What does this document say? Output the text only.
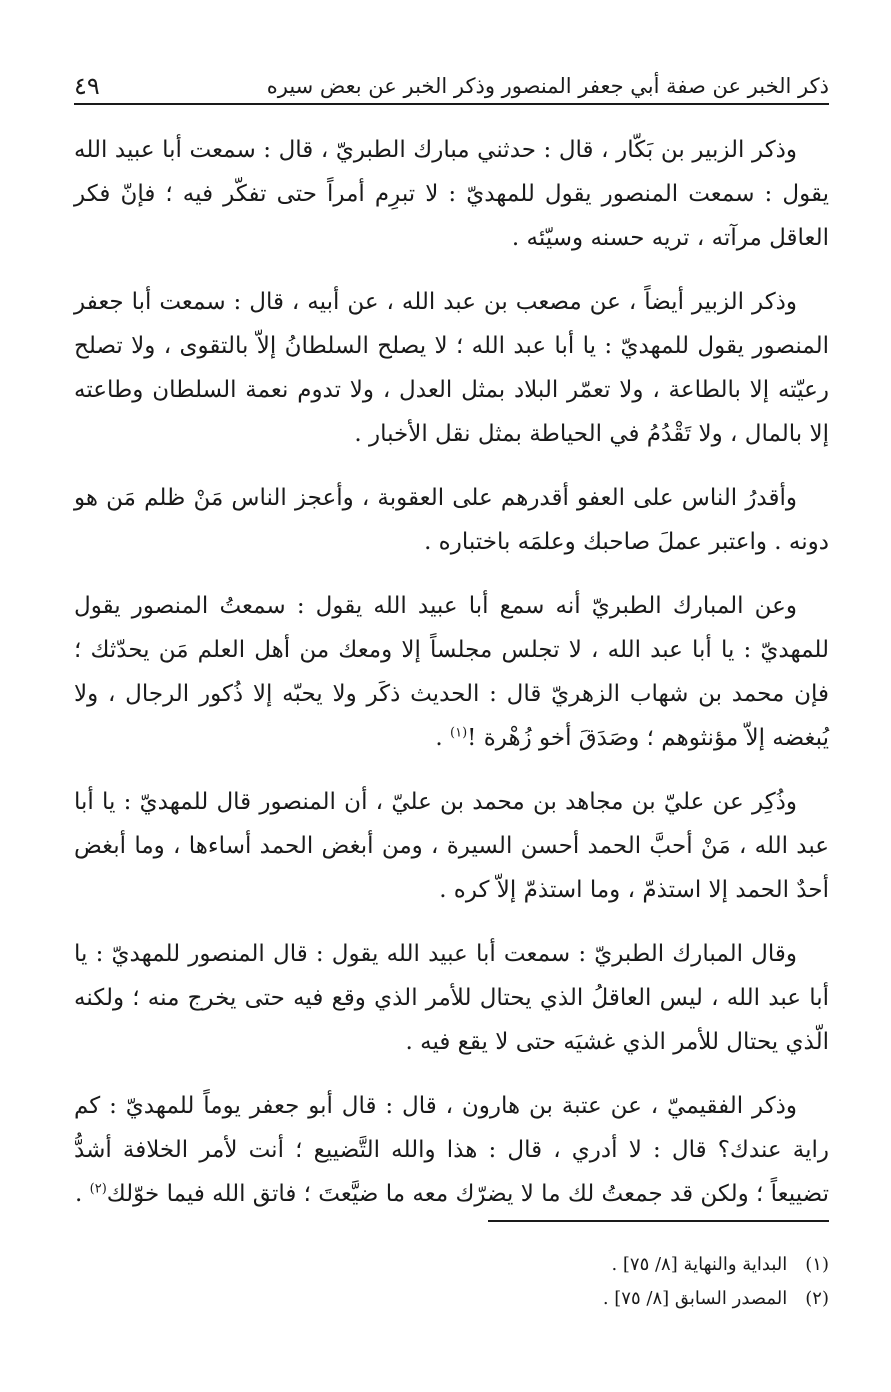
ذكر الخبر عن صفة أبي جعفر المنصور وذكر الخبر عن بعض سيره
٤٩

وذكر الزبير بن بَكّار ، قال : حدثني مبارك الطبريّ ، قال : سمعت أبا عبيد الله يقول : سمعت المنصور يقول للمهديّ : لا تبرِم أمراً حتى تفكّر فيه ؛ فإنّ فكر العاقل مرآته ، تريه حسنه وسيّئه .

وذكر الزبير أيضاً ، عن مصعب بن عبد الله ، عن أبيه ، قال : سمعت أبا جعفر المنصور يقول للمهديّ : يا أبا عبد الله ؛ لا يصلح السلطانُ إلاّ بالتقوى ، ولا تصلح رعيّته إلا بالطاعة ، ولا تعمّر البلاد بمثل العدل ، ولا تدوم نعمة السلطان وطاعته إلا بالمال ، ولا تَقْدُمُ في الحياطة بمثل نقل الأخبار .

وأقدرُ الناس على العفو أقدرهم على العقوبة ، وأعجز الناس مَنْ ظلم مَن هو دونه . واعتبر عملَ صاحبك وعلمَه باختباره .

وعن المبارك الطبريّ أنه سمع أبا عبيد الله يقول : سمعتُ المنصور يقول للمهديّ : يا أبا عبد الله ، لا تجلس مجلساً إلا ومعك من أهل العلم مَن يحدّثك ؛ فإن محمد بن شهاب الزهريّ قال : الحديث ذكَر ولا يحبّه إلا ذُكور الرجال ، ولا يُبغضه إلاّ مؤنثوهم ؛ وصَدَقَ أخو زُهْرة !$^{(١)}$ .

وذُكِر عن عليّ بن مجاهد بن محمد بن عليّ ، أن المنصور قال للمهديّ : يا أبا عبد الله ، مَنْ أحبَّ الحمد أحسن السيرة ، ومن أبغض الحمد أساءها ، وما أبغض أحدٌ الحمد إلا استذمّ ، وما استذمّ إلاّ كره .

وقال المبارك الطبريّ : سمعت أبا عبيد الله يقول : قال المنصور للمهديّ : يا أبا عبد الله ، ليس العاقلُ الذي يحتال للأمر الذي وقع فيه حتى يخرج منه ؛ ولكنه الّذي يحتال للأمر الذي غشيَه حتى لا يقع فيه .

وذكر الفقيميّ ، عن عتبة بن هارون ، قال : قال أبو جعفر يوماً للمهديّ : كم راية عندك؟ قال : لا أدري ، قال : هذا والله التَّضييع ؛ أنت لأمر الخلافة أشدُّ تضييعاً ؛ ولكن قد جمعتُ لك ما لا يضرّك معه ما ضيَّعتَ ؛ فاتق الله فيما خوّلك$^{(٢)}$ .

(١)البداية والنهاية [٨/ ٧٥] .
(٢)المصدر السابق [٨/ ٧٥] .
